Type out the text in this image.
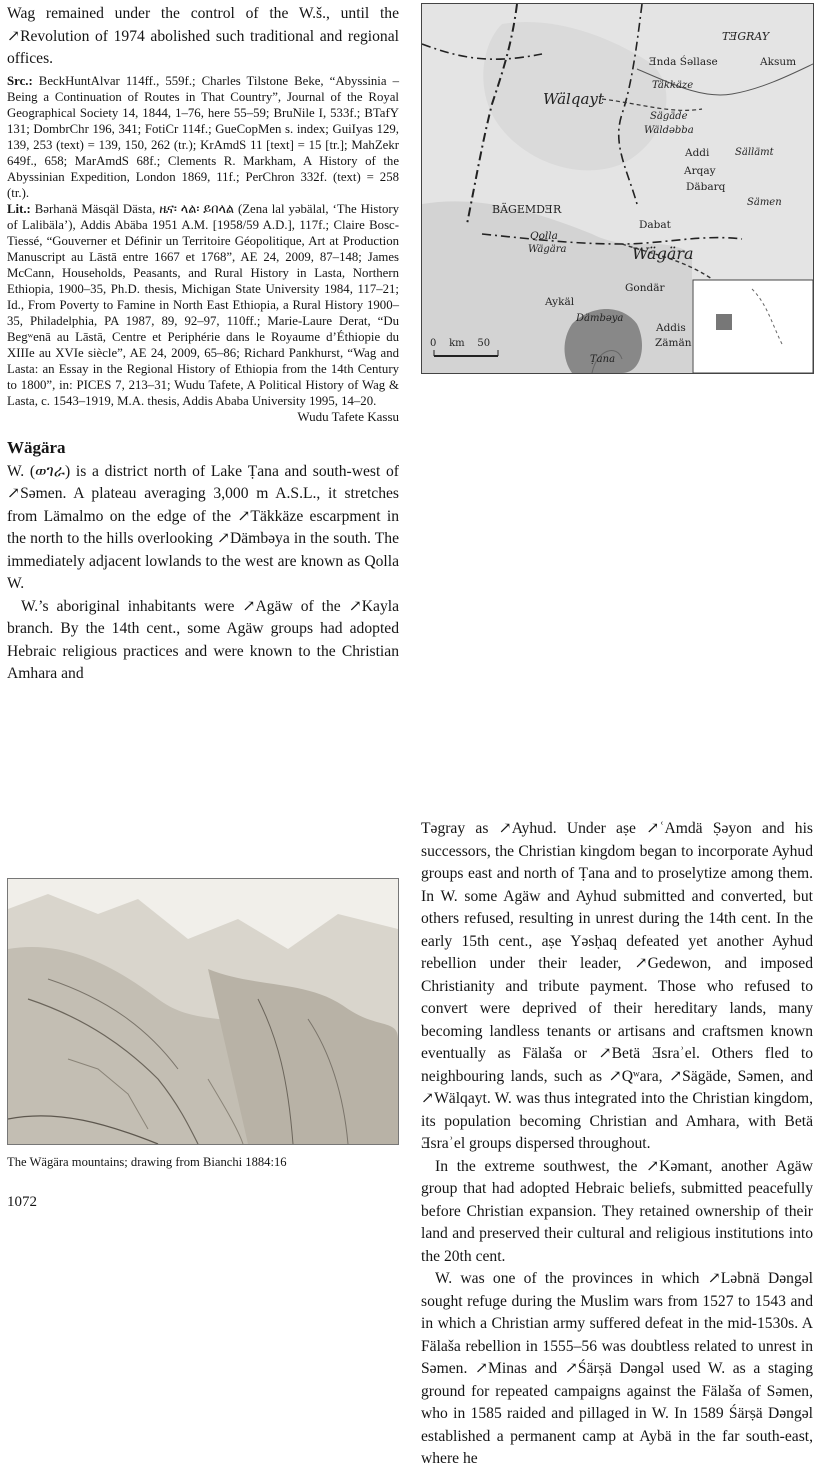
Wag remained under the control of the W.š., until the ↗Revolution of 1974 abolished such traditional and regional offices.

Src.: BeckHuntAlvar 114ff., 559f.; Charles Tilstone Beke, “Abyssinia – Being a Continuation of Routes in That Country”, Journal of the Royal Geographical Society 14, 1844, 1–76, here 55–59; BruNile I, 533f.; BTafY 131; DombrChr 196, 341; FotiCr 114f.; GueCopMen s. index; GuiIyas 129, 139, 253 (text) = 139, 150, 262 (tr.); KrAmdS 11 [text] = 15 [tr.]; MahZekr 649f., 658; MarAmdS 68f.; Clements R. Markham, A History of the Abyssinian Expedition, London 1869, 11f.; PerChron 332f. (text) = 258 (tr.).

Lit.: Bǝrhanä Mäsqäl Dästa, ዜና፡ ላል፡ ይበላል (Zena lal yǝbälal, ‘The History of Lalibäla’), Addis Abäba 1951 A.M. [1958/59 A.D.], 117f.; Claire Bosc-Tiessé, “Gouverner et Définir un Territoire Géopolitique, Art at Production Manuscript au Lāstā entre 1667 et 1768”, AE 24, 2009, 87–148; James McCann, Households, Peasants, and Rural History in Lasta, Northern Ethiopia, 1900–35, Ph.D. thesis, Michigan State University 1984, 117–21; Id., From Poverty to Famine in North East Ethiopia, a Rural History 1900–35, Philadelphia, PA 1987, 89, 92–97, 110ff.; Marie-Laure Derat, “Du Begʷenā au Lāstā, Centre et Periphérie dans le Royaume d’Éthiopie du XIIIe au XVIe siècle”, AE 24, 2009, 65–86; Richard Pankhurst, “Wag and Lasta: an Essay in the Regional History of Ethiopia from the 14th Century to 1800”, in: PICES 7, 213–31; Wudu Tafete, A Political History of Wag & Lasta, c. 1543–1919, M.A. thesis, Addis Ababa University 1995, 14–20.

Wudu Tafete Kassu

Wägära

W. (ወገራ) is a district north of Lake Ṭana and south-west of ↗Sǝmen. A plateau averaging 3,000 m A.S.L., it stretches from Lämalmo on the edge of the ↗Täkkäze escarpment in the north to the hills overlooking ↗Dämbǝya in the south. The immediately adjacent lowlands to the west are known as Qolla W.

W.’s aboriginal inhabitants were ↗Agäw of the ↗Kayla branch. By the 14th cent., some Agäw groups had adopted Hebraic religious practices and were known to the Christian Amhara and

TƎGRAY
Ǝnda Śǝllase	Aksum
Täkkäze
Wälqayt
Sägäde
Wäldǝbba
Addi	Sällämt
Arqay
Däbarq
Sämen
BÄGEMDƎR
Qolla
Wägära
Dabat
Wägära
Gondär
Aykäl
Dämbǝya
Addis
Zämän
Ṭana
0    km    50
The Wägära mountains; drawing from Bianchi 1884:16
1072

Tǝgray as ↗Ayhud. Under aṣe ↗ʿAmdä Ṣǝyon and his successors, the Christian kingdom began to incorporate Ayhud groups east and north of Ṭana and to proselytize among them. In W. some Agäw and Ayhud submitted and converted, but others refused, resulting in unrest during the 14th cent. In the early 15th cent., aṣe Yǝsḥaq defeated yet another Ayhud rebellion under their leader, ↗Gedewon, and imposed Christianity and tribute payment. Those who refused to convert were deprived of their hereditary lands, many becoming landless tenants or artisans and craftsmen known eventually as Fälaša or ↗Betä Ǝsraʾel. Others fled to neighbouring lands, such as ↗Qʷara, ↗Sägäde, Sǝmen, and ↗Wälqayt. W. was thus integrated into the Christian kingdom, its population becoming Christian and Amhara, with Betä Ǝsraʾel groups dispersed throughout.

In the extreme southwest, the ↗Kǝmant, another Agäw group that had adopted Hebraic beliefs, submitted peacefully before Christian expansion. They retained ownership of their land and preserved their cultural and religious institutions into the 20th cent.

W. was one of the provinces in which ↗Lǝbnä Dǝngǝl sought refuge during the Muslim wars from 1527 to 1543 and in which a Christian army suffered defeat in the mid-1530s. A Fälaša rebellion in 1555–56 was doubtless related to unrest in Sǝmen. ↗Minas and ↗Śärṣä Dǝngǝl used W. as a staging ground for repeated campaigns against the Fälaša of Sǝmen, who in 1585 raided and pillaged in W. In 1589 Śärṣä Dǝngǝl established a permanent camp at Aybä in the far south-east, where he
